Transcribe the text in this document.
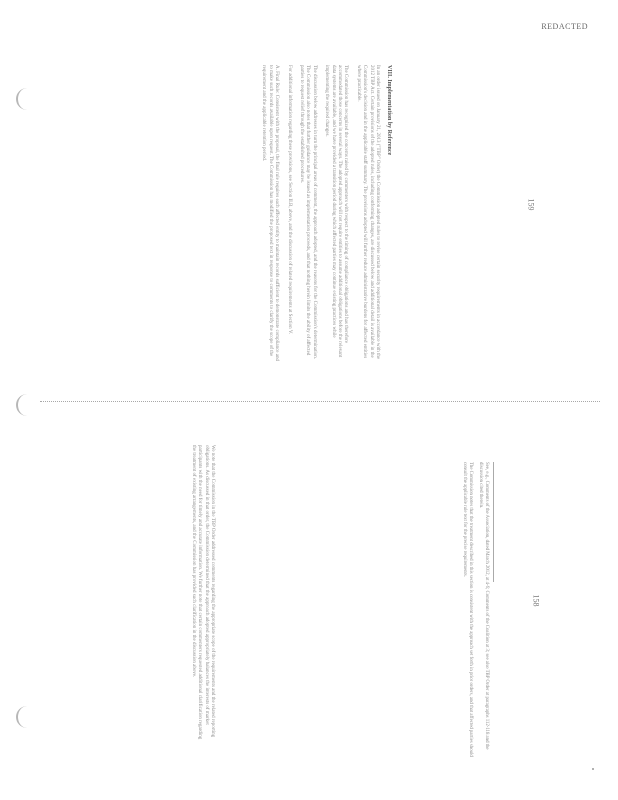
REDACTED
VIII. Implementation by Reference
In an order issued on January 21, 2013 ("TBP" Order) the Commission adopted rules to revise certain security requirements in accordance with the 2012 TBP Act. Certain provisions of the adopted rules, including conforming changes, are discussed below and additional detail is available in the Commission's decision and in the applicable staff summary. The provisions adopted will further reduce administrative burdens for affected entities where practicable.
The Commission has recognized the concerns raised by commenters with respect to the timing of compliance obligations and has therefore accommodated those concerns in several ways. The adopted approach will not require entities to assume additional obligations before the relevant data systems are available, and we have provided a transition period during which affected parties may continue existing practices while implementing the required changes.
The discussion below addresses in turn the principal areas of comment, the approach adopted, and the reasons for the Commission's determination. The Commission also notes that further guidance may be issued as implementation proceeds, and that nothing herein limits the ability of affected parties to request relief through the established procedures.
For additional information regarding these provisions, see Section II.B, above, and the discussion of related requirements at Section V.
A. Final Rule: Consistent with the proposal, the final rule requires each affected entity to maintain records sufficient to demonstrate compliance and to make such records available upon request. The Commission has modified the proposed text in response to comments to clarify the scope of the requirement and the applicable retention period.
159
We note that the Commission in the TBP Order addressed comments regarding the appropriate scope of the requirements and the related reporting obligations. As discussed in that order, the Commission determined that the approach adopted appropriately balances the interests of market participants with the need for timely and accurate information. We further note that certain commenters requested additional clarification regarding the treatment of existing arrangements, and the Commission has provided such clarification in the discussion above.	See, e.g., Comments of the Association, dated March 2012, at 4-6; Comments of the Coalition at 3; see also TBP Order at paragraphs 112-118 and the discussion cited therein.
The Commission notes that the treatment described in this section is consistent with the approach set forth in prior orders, and that affected parties should consult the applicable rule text for the precise requirements.
158
